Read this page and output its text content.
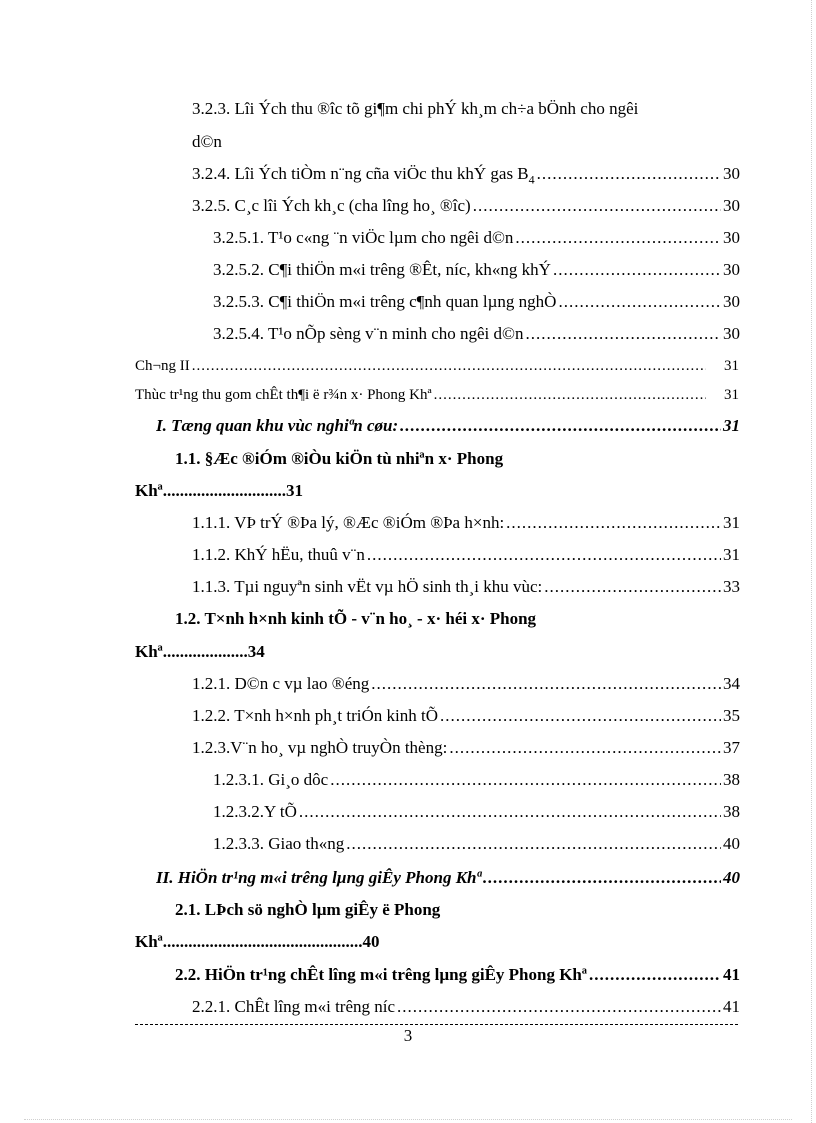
3.2.3. Lîi Ých thu ®îc tõ gi¶m chi phÝ kh¸m ch÷a bÖnh cho ngêi
d©n
3.2.4. Lîi Ých tiÒm n¨ng cña viÖc thu khÝ gas $B_4$ .....	30
3.2.5. C¸c lîi Ých kh¸c (cha lîng ho¸ ®îc) .....	30
3.2.5.1. T¹o c«ng ¨n viÖc lµm cho ngêi d©n .....	30
3.2.5.2. C¶i thiÖn m«i trêng ®Êt, níc, kh«ng khÝ .....	30
3.2.5.3. C¶i thiÖn m«i trêng c¶nh quan lµng nghÒ .....	30
3.2.5.4. T¹o nÕp sèng v¨n minh cho ngêi d©n .....	30
Ch¬ng II .....	31
Thùc tr¹ng thu gom chÊt th¶i ë r¾n x· Phong Khª .....	31
I. Tæng quan khu vùc nghiªn cøu: .....	31
1.1. §Æc ®iÓm ®iÒu kiÖn tù nhiªn x· Phong
Khª.............................31
1.1.1. VÞ trÝ ®Þa lý, ®Æc ®iÓm ®Þa h×nh: .....	31
1.1.2. KhÝ hËu, thuû v¨n .....	31
1.1.3. Tµi nguyªn sinh vËt vµ hÖ sinh th¸i khu vùc: .....	33
1.2. T×nh h×nh kinh tÕ - v¨n ho¸ - x· héi x· Phong
Khª....................34
1.2.1. D©n c vµ lao ®éng .....	34
1.2.2. T×nh h×nh ph¸t triÓn kinh tÕ .....	35
1.2.3.V¨n ho¸ vµ nghÒ truyÒn thèng: .....	37
1.2.3.1. Gi¸o dôc .....	38
1.2.3.2.Y tÕ .....	38
1.2.3.3. Giao th«ng .....	40
II. HiÖn tr¹ng m«i trêng lµng giÊy Phong Khª .....	40
2.1. LÞch sö nghÒ lµm giÊy ë Phong
Khª...............................................40
2.2. HiÖn tr¹ng chÊt lîng m«i trêng lµng giÊy Phong Khª .....	41
2.2.1. ChÊt lîng m«i trêng níc .....	41
3
